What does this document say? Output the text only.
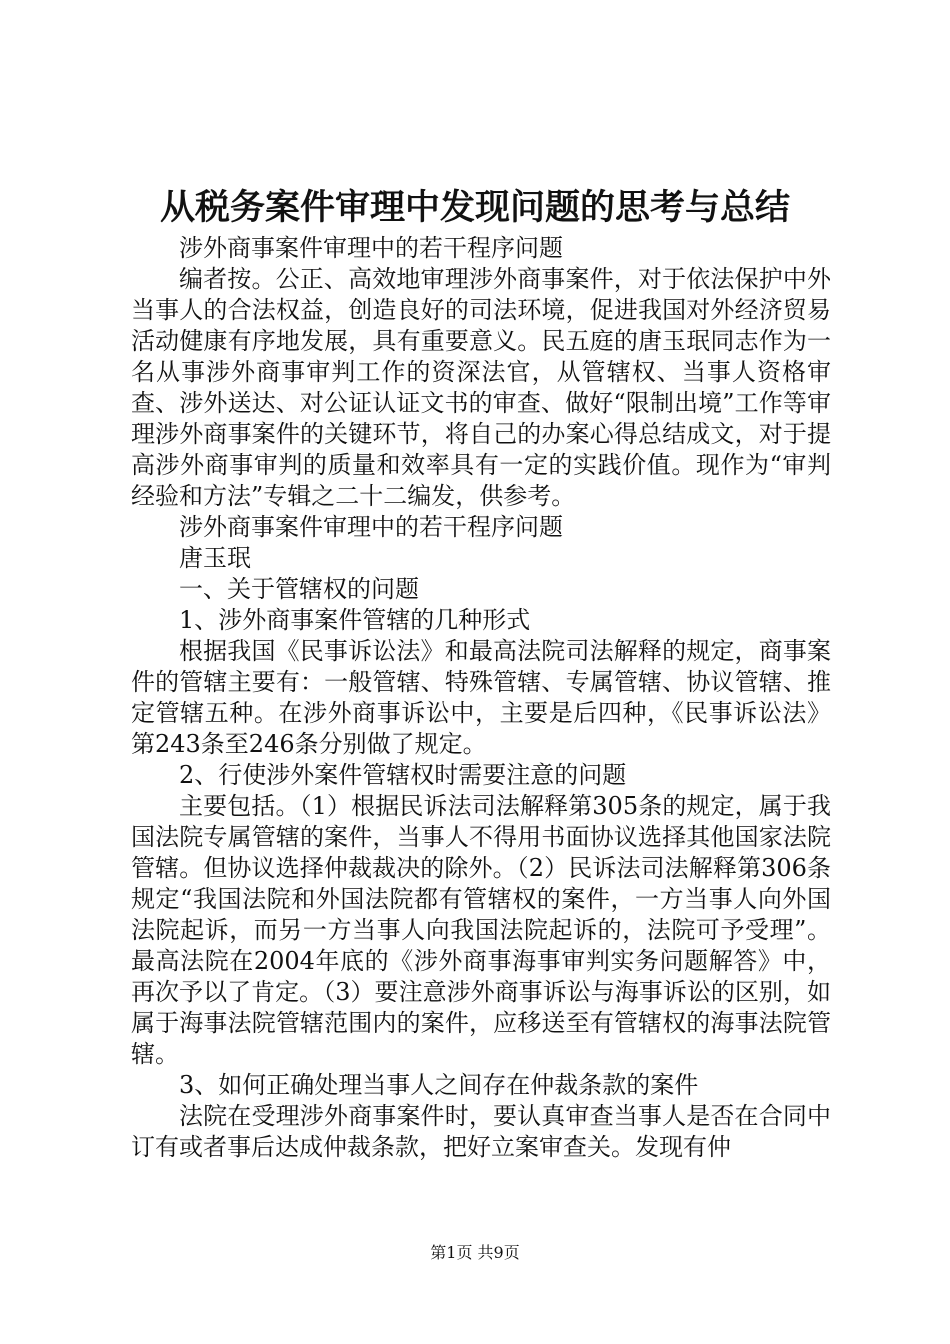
从税务案件审理中发现问题的思考与总结

涉外商事案件审理中的若干程序问题

编者按。公正、高效地审理涉外商事案件，对于依法保护中外当事人的合法权益，创造良好的司法环境，促进我国对外经济贸易活动健康有序地发展，具有重要意义。民五庭的唐玉珉同志作为一名从事涉外商事审判工作的资深法官，从管辖权、当事人资格审查、涉外送达、对公证认证文书的审查、做好“限制出境”工作等审理涉外商事案件的关键环节，将自己的办案心得总结成文，对于提高涉外商事审判的质量和效率具有一定的实践价值。现作为“审判经验和方法”专辑之二十二编发，供参考。

涉外商事案件审理中的若干程序问题

唐玉珉

一、关于管辖权的问题

1、涉外商事案件管辖的几种形式

根据我国《民事诉讼法》和最高法院司法解释的规定，商事案件的管辖主要有：一般管辖、特殊管辖、专属管辖、协议管辖、推定管辖五种。在涉外商事诉讼中，主要是后四种，《民事诉讼法》第243条至246条分别做了规定。

2、行使涉外案件管辖权时需要注意的问题

主要包括。（1）根据民诉法司法解释第305条的规定，属于我国法院专属管辖的案件，当事人不得用书面协议选择其他国家法院管辖。但协议选择仲裁裁决的除外。（2）民诉法司法解释第306条规定“我国法院和外国法院都有管辖权的案件，一方当事人向外国法院起诉，而另一方当事人向我国法院起诉的，法院可予受理”。最高法院在2004年底的《涉外商事海事审判实务问题解答》中，再次予以了肯定。（3）要注意涉外商事诉讼与海事诉讼的区别，如属于海事法院管辖范围内的案件，应移送至有管辖权的海事法院管辖。

3、如何正确处理当事人之间存在仲裁条款的案件

法院在受理涉外商事案件时，要认真审查当事人是否在合同中订有或者事后达成仲裁条款，把好立案审查关。发现有仲

第1页 共9页
